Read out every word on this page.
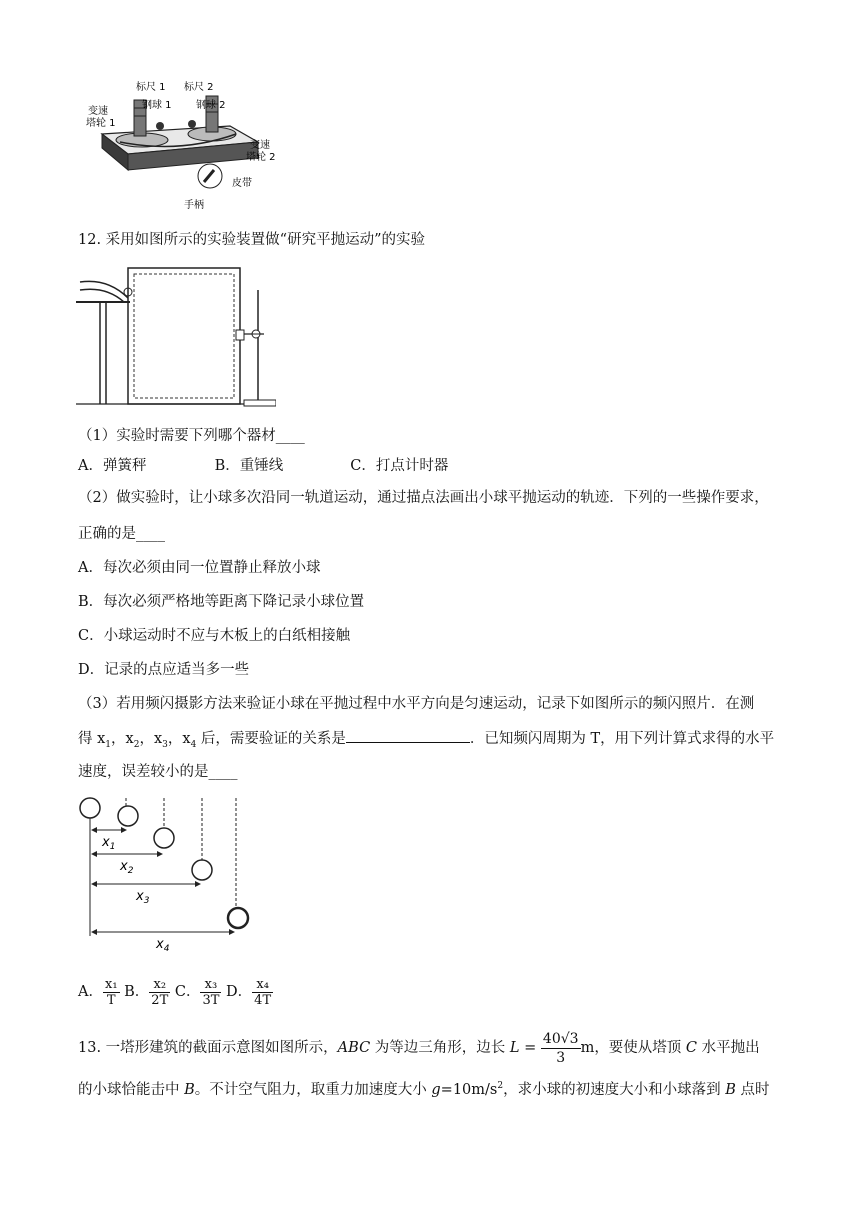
标尺 1 标尺 2
钢球 1 钢球 2
变速
塔轮 1
变速
塔轮 2
皮带
手柄
12. 采用如图所示的实验装置做“研究平抛运动”的实验
（1）实验时需要下列哪个器材____
A．弹簧秤	B．重锤线	C．打点计时器
（2）做实验时，让小球多次沿同一轨道运动，通过描点法画出小球平抛运动的轨迹．下列的一些操作要求，
正确的是____
A．每次必须由同一位置静止释放小球
B．每次必须严格地等距离下降记录小球位置
C．小球运动时不应与木板上的白纸相接触
D．记录的点应适当多一些
（3）若用频闪摄影方法来验证小球在平抛过程中水平方向是匀速运动，记录下如图所示的频闪照片．在测
得 $x_1$，$x_2$，$x_3$，$x_4$ 后，需要验证的关系是	．已知频闪周期为 T，用下列计算式求得的水平
速度，误差较小的是____
$x_1$
$x_2$
$x_3$
$x_4$
A． $\frac{\text{x₁}}{T}$ B． $\frac{\text{x₂}}{2T}$ C． $\frac{\text{x₃}}{3T}$ D． $\frac{\text{x₄}}{4T}$
13. 一塔形建筑的截面示意图如图所示，ABC 为等边三角形，边长 $L = \frac{40√3}{3}$ m，要使从塔顶 C 水平抛出
的小球恰能击中 B。不计空气阻力，取重力加速度大小 $g=10m/s^2$，求小球的初速度大小和小球落到 B 点时
